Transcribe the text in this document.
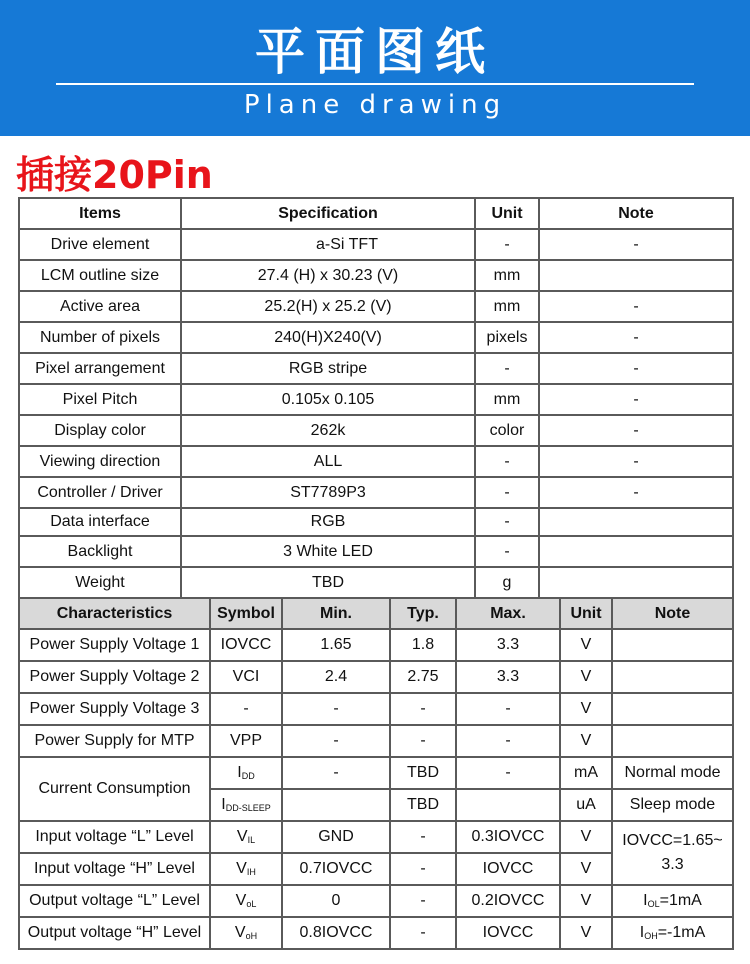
平面图纸
Plane drawing
插接20Pin
Items	Specification	Unit	Note
Drive element	a-Si TFT	-	-
LCM outline size	27.4 (H) x 30.23 (V)	mm	
Active area	25.2(H) x 25.2 (V)	mm	-
Number of pixels	240(H)X240(V)	pixels	-
Pixel arrangement	RGB stripe	-	-
Pixel Pitch	0.105x 0.105	mm	-
Display color	262k	color	-
Viewing direction	ALL	-	-
Controller / Driver	ST7789P3	-	-
Data interface	RGB	-	
Backlight	3 White LED	-	
Weight	TBD	g	
Characteristics	Symbol	Min.	Typ.	Max.	Unit	Note
Power Supply Voltage 1	IOVCC	1.65	1.8	3.3	V	
Power Supply Voltage 2	VCI	2.4	2.75	3.3	V	
Power Supply Voltage 3	-	-	-	-	V	
Power Supply for MTP	VPP	-	-	-	V	
Current Consumption	$I_{DD}$	-	TBD	-	mA	Normal mode
	$I_{DD-SLEEP}$		TBD		uA	Sleep mode
Input voltage “L” Level	$V_{IL}$	GND	-	0.3IOVCC	V	IOVCC=1.65~ 3.3
Input voltage “H” Level	$V_{IH}$	0.7IOVCC	-	IOVCC	V	
Output voltage “L” Level	$V_{oL}$	0	-	0.2IOVCC	V	$I_{OL}=1mA$
Output voltage “H” Level	$V_{oH}$	0.8IOVCC	-	IOVCC	V	$I_{OH}=-1mA$
